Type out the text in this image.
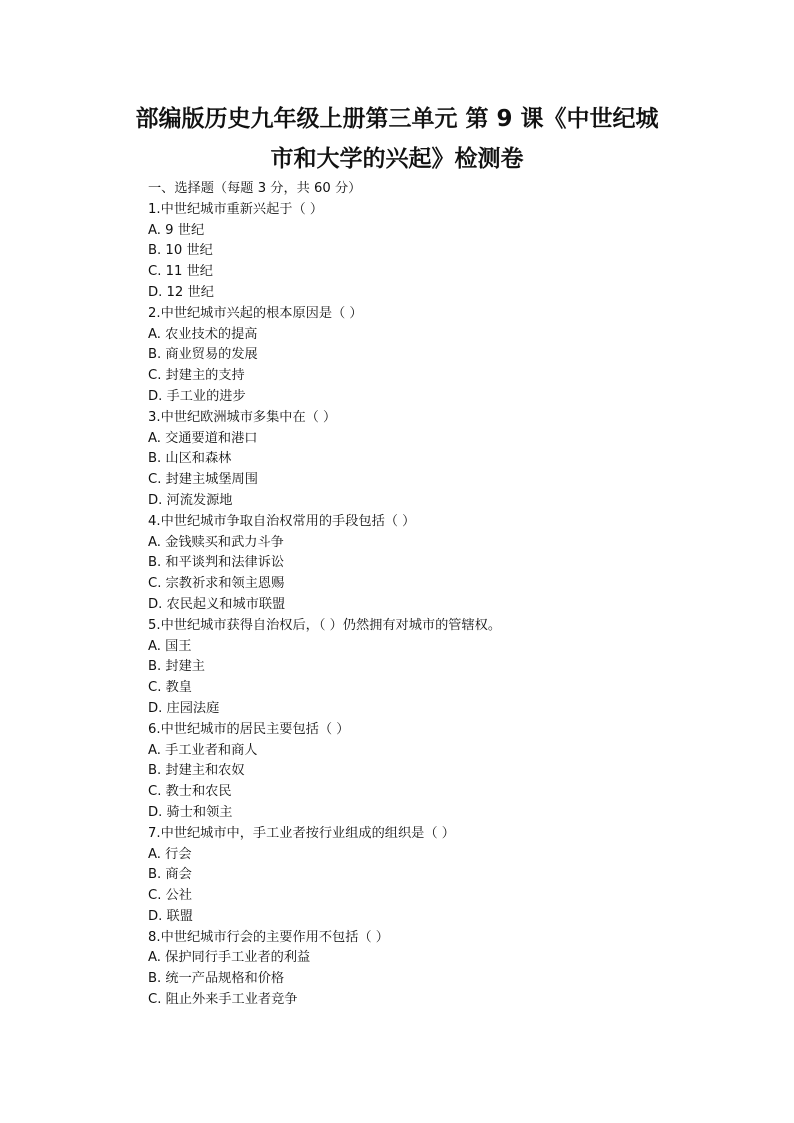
部编版历史九年级上册第三单元 第 9 课《中世纪城
市和大学的兴起》检测卷
一、选择题（每题 3 分，共 60 分）
1.中世纪城市重新兴起于（ ）
A. 9 世纪
B. 10 世纪
C. 11 世纪
D. 12 世纪
2.中世纪城市兴起的根本原因是（ ）
A. 农业技术的提高
B. 商业贸易的发展
C. 封建主的支持
D. 手工业的进步
3.中世纪欧洲城市多集中在（ ）
A. 交通要道和港口
B. 山区和森林
C. 封建主城堡周围
D. 河流发源地
4.中世纪城市争取自治权常用的手段包括（ ）
A. 金钱赎买和武力斗争
B. 和平谈判和法律诉讼
C. 宗教祈求和领主恩赐
D. 农民起义和城市联盟
5.中世纪城市获得自治权后，（ ）仍然拥有对城市的管辖权。
A. 国王
B. 封建主
C. 教皇
D. 庄园法庭
6.中世纪城市的居民主要包括（ ）
A. 手工业者和商人
B. 封建主和农奴
C. 教士和农民
D. 骑士和领主
7.中世纪城市中，手工业者按行业组成的组织是（ ）
A. 行会
B. 商会
C. 公社
D. 联盟
8.中世纪城市行会的主要作用不包括（ ）
A. 保护同行手工业者的利益
B. 统一产品规格和价格
C. 阻止外来手工业者竞争
